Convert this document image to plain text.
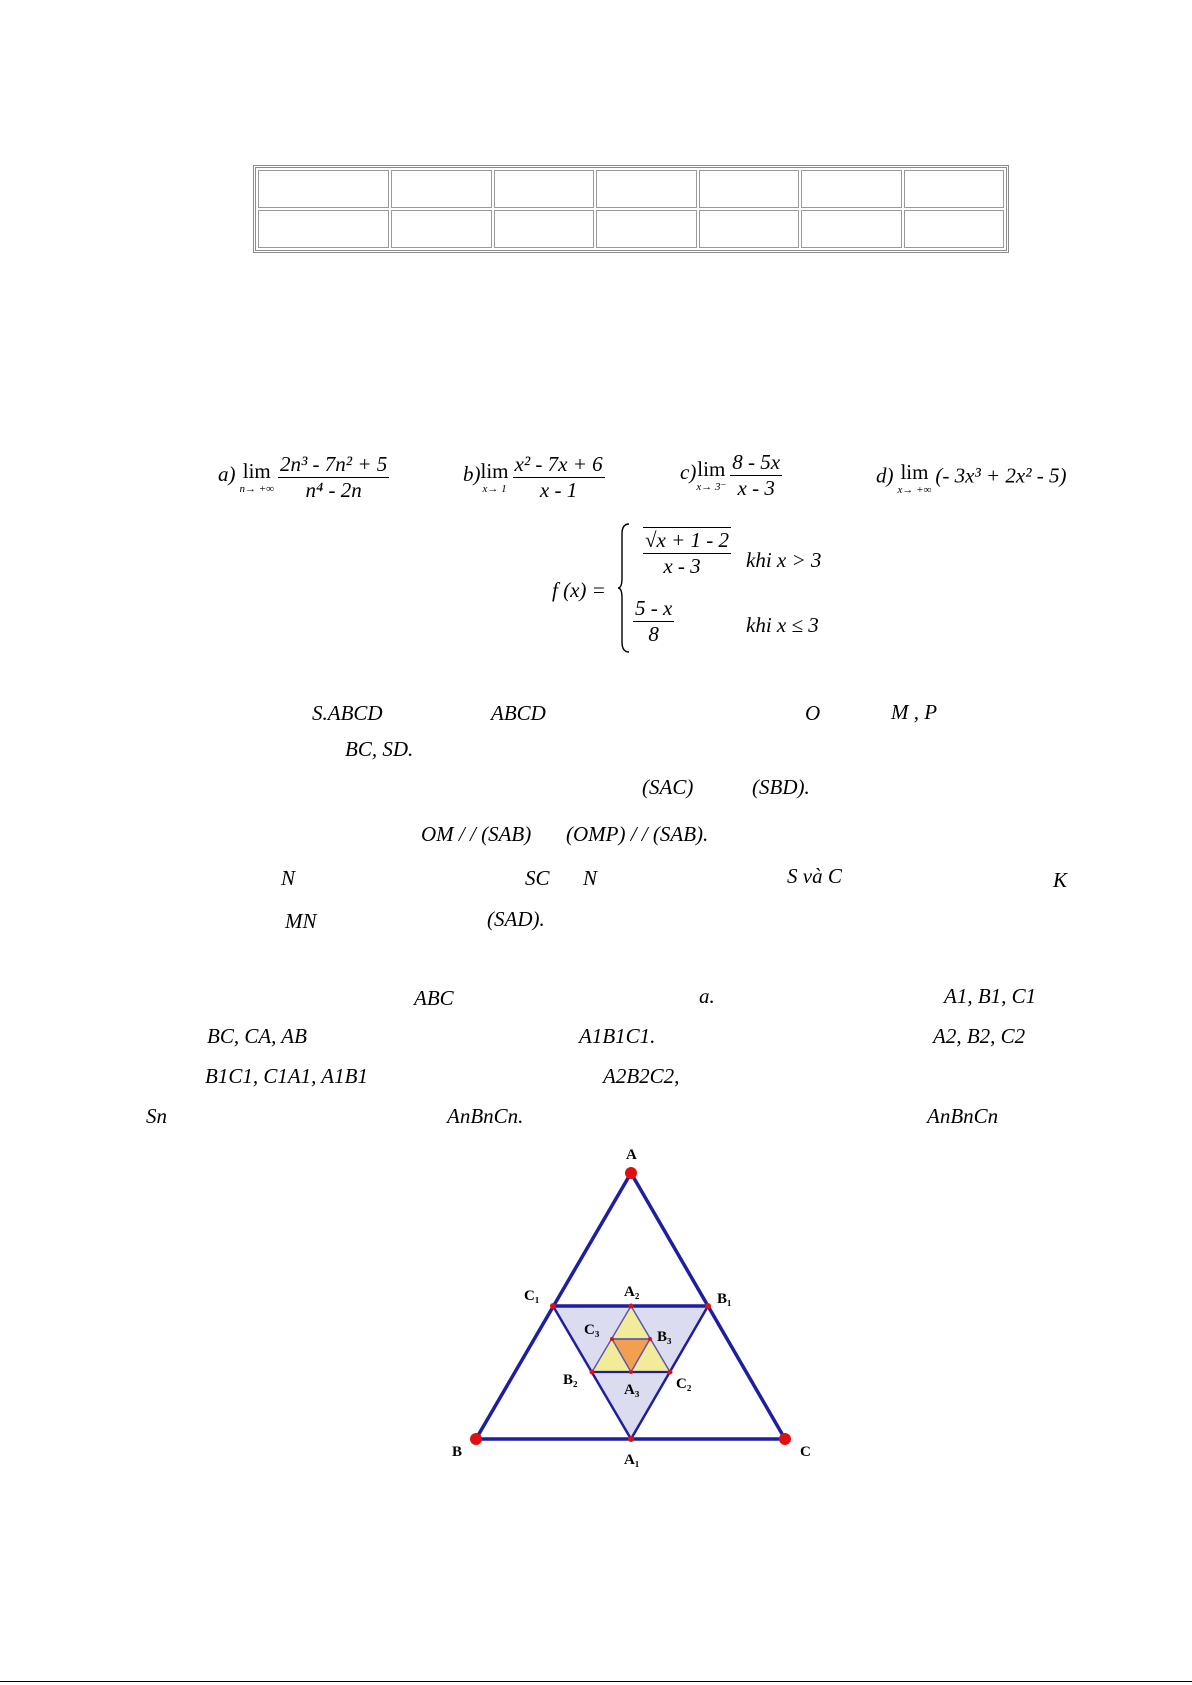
a) lim
n→ +∞
$\frac{\text{2n³ - 7n² + 5}}{\text{n⁴ - 2n}}$	b) lim
x→ 1
$\frac{\text{x² - 7x + 6}}{x - 1}$	c) lim
x→ 3⁻
$\frac{8 - 5x}{x - 3}$	d) lim
x→ +∞
(- 3x³ + 2x² - 5)
f (x) =
$\frac{√x + 1 - 2}{x - 3}$ khi x > 3
$\frac{5 - x}{8}$	khi x ≤ 3
S.ABCD	ABCD	O	M , P
BC, SD.
(SAC)	(SBD).
OM / / (SAB) (OMP) / / (SAB).
N	SC N	S và C	K
MN	(SAD).
ABC	a.	A1, B1, C1
BC, CA, AB	A1B1C1.	A2, B2, C2
B1C1, C1A1, A1B1	A2B2C2,
Sn	AnBnCn.	AnBnCn
A
B	C
A₁
B₁
C₁	A₂
B₂	C₂
A₃
B₃
C₃
